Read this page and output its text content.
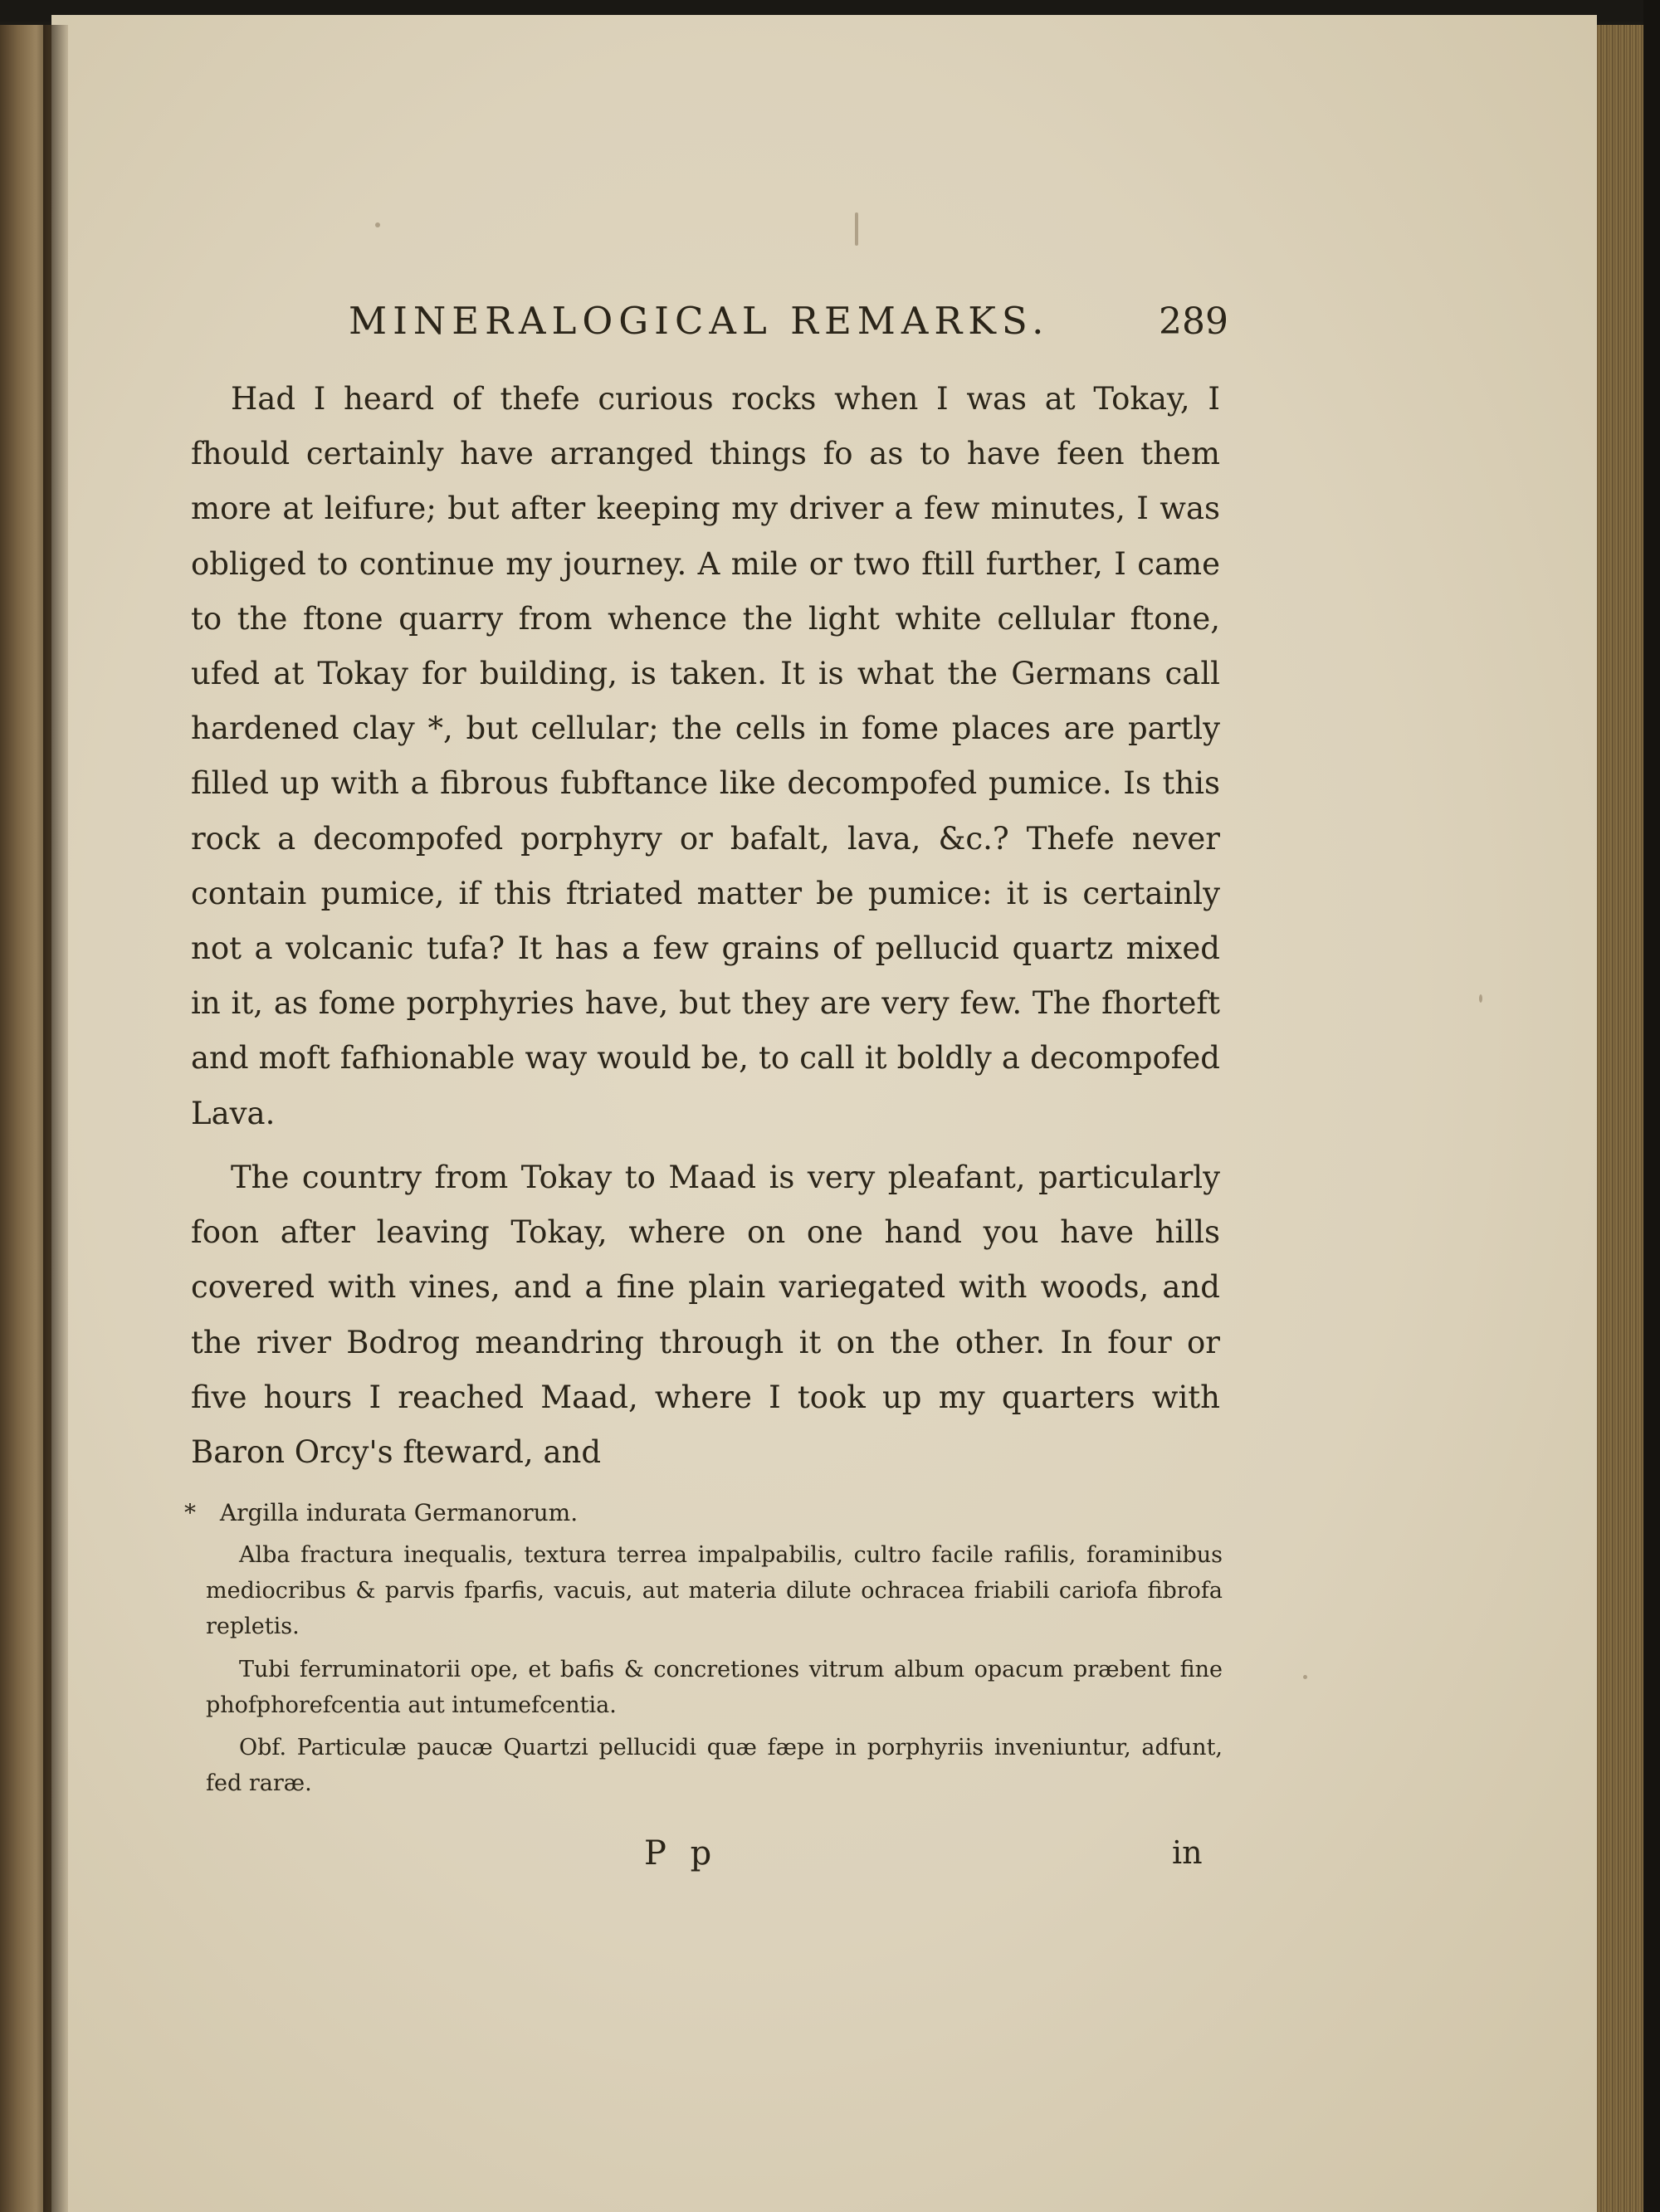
MINERALOGICAL REMARKS.	289

Had I heard of thefe curious rocks when I was at Tokay, I fhould certainly have arranged things fo as to have feen them more at leifure; but after keeping my driver a few minutes, I was obliged to continue my journey. A mile or two ftill further, I came to the ftone quarry from whence the light white cellular ftone, ufed at Tokay for building, is taken. It is what the Germans call hardened clay *, but cellular; the cells in fome places are partly filled up with a fibrous fubftance like decompofed pumice. Is this rock a decompofed porphyry or bafalt, lava, &c.? Thefe never contain pumice, if this ftriated matter be pumice: it is certainly not a volcanic tufa? It has a few grains of pellucid quartz mixed in it, as fome porphyries have, but they are very few. The fhorteft and moft fafhionable way would be, to call it boldly a decompofed Lava.

The country from Tokay to Maad is very pleafant, particularly foon after leaving Tokay, where on one hand you have hills covered with vines, and a fine plain variegated with woods, and the river Bodrog meandring through it on the other. In four or five hours I reached Maad, where I took up my quarters with Baron Orcy's fteward, and

* Argilla indurata Germanorum.

Alba fractura inequalis, textura terrea impalpabilis, cultro facile rafilis, foraminibus mediocribus & parvis fparfis, vacuis, aut materia dilute ochracea friabili cariofa fibrofa repletis.

Tubi ferruminatorii ope, et bafis & concretiones vitrum album opacum præbent fine phofphorefcentia aut intumefcentia.

Obf. Particulæ paucæ Quartzi pellucidi quæ fæpe in porphyriis inveniuntur, adfunt, fed raræ.

P p	in
